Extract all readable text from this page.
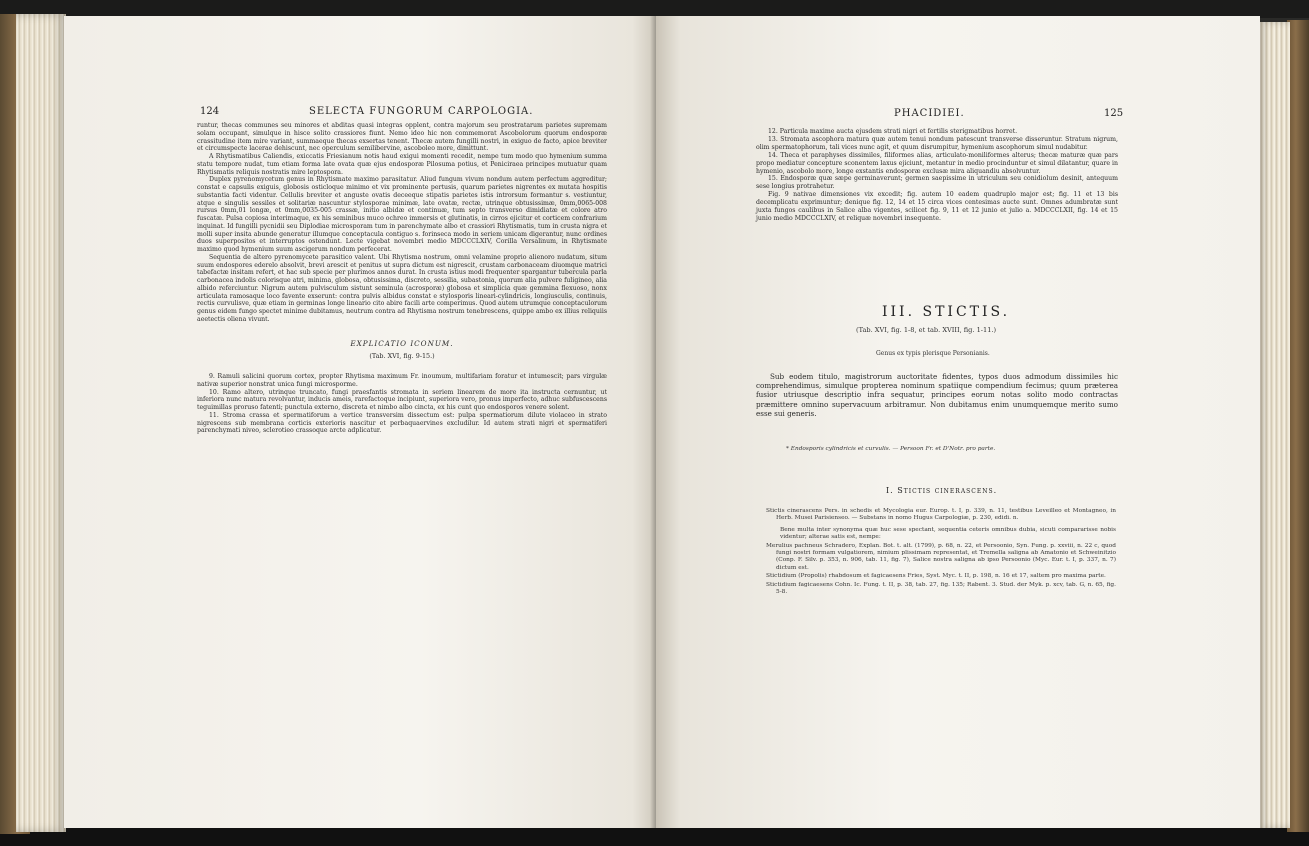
124	SELECTA FUNGORUM CARPOLOGIA.

runtur, thecas communes seu minores et abditas quasi integras opplent, contra majorum seu prostratarum parietes supremam solam occupant, simulque in hisce solito crassiores fiunt. Nemo ideo hic non commemorat Ascobolorum quorum endosporæ crassitudine item mire variant, summaeque thecas exsertas tenent. Thecæ autem fungilli nostri, in exiguo de facto, apice breviter et circumspecte lacerae dehiscunt, nec operculum semilibervine, ascoboleo more, dimittunt.

A Rhytismatibus Caliendis, exiccatis Friesianum notis haud exigui momenti recedit, nempe tum modo quo hymenium summa statu tempore nudat, tum etiam forma late ovata quæ ejus endosporæ Pilosuma potius, et Peniciraea principes mutuatur quam Rhytismatis reliquis nostratis mire leptospora.

Duplex pyrenomycetum genus in Rhytismate maximo parasitatur. Aliud fungum vivum nondum autem perfectum aggreditur; constat e capsulis exiguis, globosis osticloque minimo et vix prominente pertusis, quarum parietes nigrentes ex mutata hospitis substantia facti videntur. Cellulis breviter et anguste ovatis deceeque stipatis parietes istis introrsum formantur s. vestiuntur, atque e singulis sessiles et solitariæ nascuntur stylosporae minimæ, late ovatæ, rectæ, utrinque obtusissimæ, 0mm,0065-008 rursus 0mm,01 longæ, et 0mm,0035-005 crassæ, initio albidæ et continuæ, tum septo transverso dimidiatæ et colore atro fuscatæ. Pulsa copiosa interimaque, ex his seminibus muco ochreo immersis et glutinatis, in cirros ejicitur et corticem confrarium inquinat. Id fungilli pycnidii seu Diplodiae microsporam tum in parenchymate albo et crassiori Rhytismatis, tum in crusta nigra et molli super insita abunde generatur illumque conceptacula contiguo s. forinseca modo in seriem unicam digerantur, nunc ordines duos superpositos et interruptos ostendunt. Lecte vigebat novembri medio MDCCCLXIV, Corilla Versalinum, in Rhytismate maximo quod hymenium suum ascigerum nondum perfecerat.

Sequentia de altero pyrenomycete parasitico valent. Ubi Rhytisma nostrum, omni velamine proprio alienoro nudatum, situm suum endospores ederelo absolvit, brevi arescit et penitus ut supra dictum est nigrescit, crustam carbonaceam diuomque matrici tabefactæ insitam refert, et hac sub specie per plurimos annos durat. In crusta istius modi frequenter spargantur tubercula parla carbonacea indolis colorisque atri, minima, globosa, obtusissima, discreto, sessilia, subastonia, quorum alia pulvere fuligineo, alia albido referciuntur. Nigrum autem pulvisculum sistunt seminula (acrosporæ) globosa et simplicia quæ gemmina flexuoso, nonx articulata ramosaque loco favente exserunt: contra pulvis albidus constat e stylosporis lineari-cylindricis, longiusculis, continuis, rectis curvulisve, quæ etiam in germinas longe lineario cito abire facili arte comperimus. Quod autem utrumque conceptaculorum genus eidem fungo spectet minime dubitamus, neutrum contra ad Rhytisma nostrum tenebrescens, quippe ambo ex illius reliquiis aeetectis oliena vivunt.

EXPLICATIO ICONUM.
(Tab. XVI, fig. 9-15.)

9. Ramuli salicini quorum cortex, propter Rhytisma maximum Fr. inoumum, multifariam foratur et intumescit; pars virgulæ nativæ superior nonstrat unica fungi microsporme.

10. Ramo altero, utrinque truncato, fungi praesfantis stromata in seriem linearem de more ita instructa cernuntur, ut inferiora nunc matura revolvantur, inducis ameis, rarefactoque incipiunt, superiora vero, pronus imperfecto, adhuc subfuscescens teguimillas proruso fatenti; punctula externo, discreta et nimbo albo cincta, ex his cunt quo endosporos venere solent.

11. Stroma crassa et spermatiforum a vertice transversim dissectum est: pulpa spermatiorum dilute violaceo in strato nigrescens sub membrana corticis exterioris nascitur et perbaquaervines excludilur. Id autem strati nigri et spermatiferi parenchymati niveo, sclerotieo crassoque arcte adplicatur.

PHACIDIEI.	125

12. Particula maxime aucta ejusdem strati nigri et fertilis sterigmatibus horret.

13. Stromata ascophora matura quæ autem tenui nondum patescunt transverse disseruntur. Stratum nigrum, olim spermatophorum, tali vices nunc agit, et quum disrumpitur, hymenium ascophorum simul nudabitur.

14. Theca et paraphyses dissimiles, filiformes alias, articulato-moniliformes alterus; thecæ maturæ quæ pars propo mediatur concepture sconentem laxus ejiciunt, metantur in medio procinduntur et simul dilatantur, quare in hymenio, ascobolo more, longe exstantis endosporæ exclusæ mira aliquandiu absolvuntur.

15. Endosporæ quæ sæpe germinaverunt; germen saepissime in utriculum seu conidiolum desinit, antequum sese longius protrahetur.

Fig. 9 nativae dimensiones vix excedit; fig. autem 10 eadem quadruplo major est; fig. 11 et 13 bis decemplicatu exprimuntur; denique fig. 12, 14 et 15 circa vices centesimas aucte sunt. Omnes adumbratæ sunt juxta fungos caulibus in Salice alba vigentes, scilicet fig. 9, 11 et 12 junio et julio a. MDCCCLXII, fig. 14 et 15 junio medio MDCCCLXIV, et reliquæ novembri insequente.

III. STICTIS.
(Tab. XVI, fig. 1-8, et tab. XVIII, fig. 1-11.)
Genus ex typis plerisque Personianis.
Sub eodem titulo, magistrorum auctoritate fidentes, typos duos admodum dissimiles hic comprehendimus, simulque propterea nominum spatiique compendium fecimus; quum præterea fusior utriusque descriptio infra sequatur, principes eorum notas solito modo contractas præmittere omnino supervacuum arbitramur. Non dubitamus enim unumquemque merito sumo esse sui generis.
* Endosporis cylindricis et curvulis. — Persoon Fr. et D'Notr. pro parte.
I. Stictis cinerascens.

Stictis cinerascens Pers. in schedis et Mycologia eur. Europ. t. I, p. 339, n. 11, testibus Leveilleo et Montagneo, in Herb. Musei Parisienseo. — Substans in nomo Hugus Carpologiæ, p. 230, edidi. n.

Bene multa inter synonyma quæ huc sese spectant, sequentia ceteris omnibus dubia, sicuti compararisse nobis videntur; alterae satis est, nempe:

Merulius pachneus Schradero, Explan. Bot. t. alt. (1799), p. 68, n. 22, et Persoonio, Syn. Fung. p. xxviii, n. 22 c, quod fungi nostri formam vulgatiorem, nimium plissimam representat, et Tremella saligna ab Amatonio et Schweinitzio (Conp. F. Silv. p. 353, n. 906, tab. 11, fig. 7), Salice nostra saligna ab ipso Persoonio (Myc. Eur. t. I, p. 337, n. 7) dictum est.

Stictidium (Propolis) rhabdosum et fagicaesens Fries, Syst. Myc. t. II, p. 198, n. 16 et 17, saltem pro maxima parte.

Stictidium fagicaesens Cohn. Ic. Fung. t. II, p. 38, tab. 27, fig. 135; Rabent. 3. Stud. der Myk. p. xcv, tab. G, n. 65, fig. 5-8.
